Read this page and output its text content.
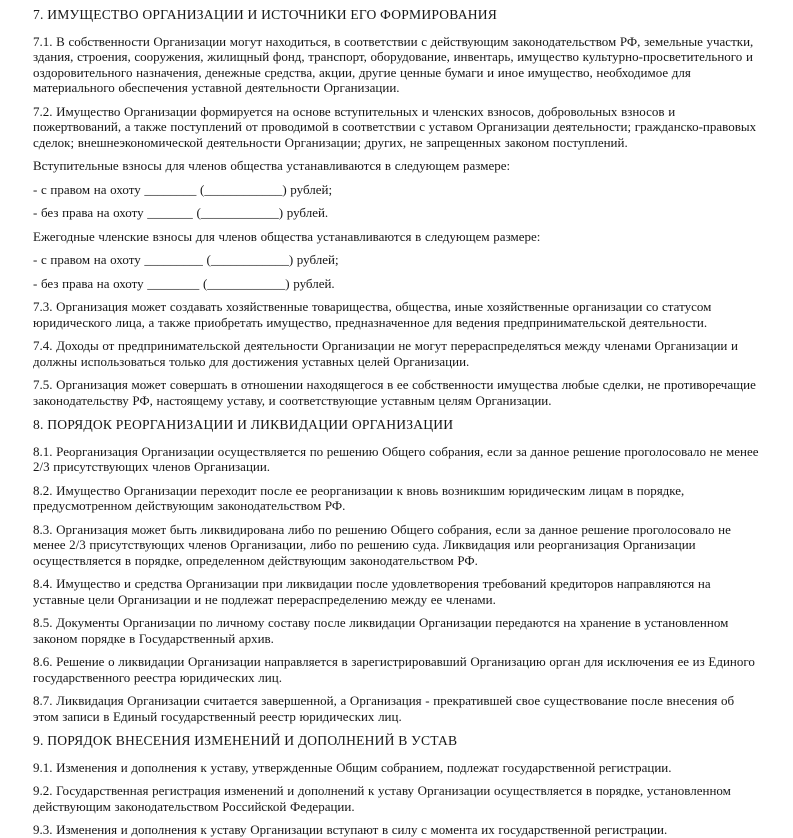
7. ИМУЩЕСТВО ОРГАНИЗАЦИИ И ИСТОЧНИКИ ЕГО ФОРМИРОВАНИЯ

7.1. В собственности Организации могут находиться, в соответствии с действующим законодательством РФ, земельные участки, здания, строения, сооружения, жилищный фонд, транспорт, оборудование, инвентарь, имущество культурно-просветительного и оздоровительного назначения, денежные средства, акции, другие ценные бумаги и иное имущество, необходимое для материального обеспечения уставной деятельности Организации.

7.2. Имущество Организации формируется на основе вступительных и членских взносов, добровольных взносов и пожертвований, а также поступлений от проводимой в соответствии с уставом Организации деятельности; гражданско-правовых сделок; внешнеэкономической деятельности Организации; других, не запрещенных законом поступлений.

Вступительные взносы для членов общества устанавливаются в следующем размере:

- с правом на охоту ________ (____________) рублей;

- без права на охоту _______ (____________) рублей.

Ежегодные членские взносы для членов общества устанавливаются в следующем размере:

- с правом на охоту _________ (____________) рублей;

- без права на охоту ________ (____________) рублей.

7.3. Организация может создавать хозяйственные товарищества, общества, иные хозяйственные организации со статусом юридического лица, а также приобретать имущество, предназначенное для ведения предпринимательской деятельности.

7.4. Доходы от предпринимательской деятельности Организации не могут перераспределяться между членами Организации и должны использоваться только для достижения уставных целей Организации.

7.5. Организация может совершать в отношении находящегося в ее собственности имущества любые сделки, не противоречащие законодательству РФ, настоящему уставу, и соответствующие уставным целям Организации.

8. ПОРЯДОК РЕОРГАНИЗАЦИИ И ЛИКВИДАЦИИ ОРГАНИЗАЦИИ

8.1. Реорганизация Организации осуществляется по решению Общего собрания, если за данное решение проголосовало не менее 2/3 присутствующих членов Организации.

8.2. Имущество Организации переходит после ее реорганизации к вновь возникшим юридическим лицам в порядке, предусмотренном действующим законодательством РФ.

8.3. Организация может быть ликвидирована либо по решению Общего собрания, если за данное решение проголосовало не менее 2/3 присутствующих членов Организации, либо по решению суда. Ликвидация или реорганизация Организации осуществляется в порядке, определенном действующим законодательством РФ.

8.4. Имущество и средства Организации при ликвидации после удовлетворения требований кредиторов направляются на уставные цели Организации и не подлежат перераспределению между ее членами.

8.5. Документы Организации по личному составу после ликвидации Организации передаются на хранение в установленном законом порядке в Государственный архив.

8.6. Решение о ликвидации Организации направляется в зарегистрировавший Организацию орган для исключения ее из Единого государственного реестра юридических лиц.

8.7. Ликвидация Организации считается завершенной, а Организация - прекратившей свое существование после внесения об этом записи в Единый государственный реестр юридических лиц.

9. ПОРЯДОК ВНЕСЕНИЯ ИЗМЕНЕНИЙ И ДОПОЛНЕНИЙ В УСТАВ

9.1. Изменения и дополнения к уставу, утвержденные Общим собранием, подлежат государственной регистрации.

9.2. Государственная регистрация изменений и дополнений к уставу Организации осуществляется в порядке, установленном действующим законодательством Российской Федерации.

9.3. Изменения и дополнения к уставу Организации вступают в силу с момента их государственной регистрации.
